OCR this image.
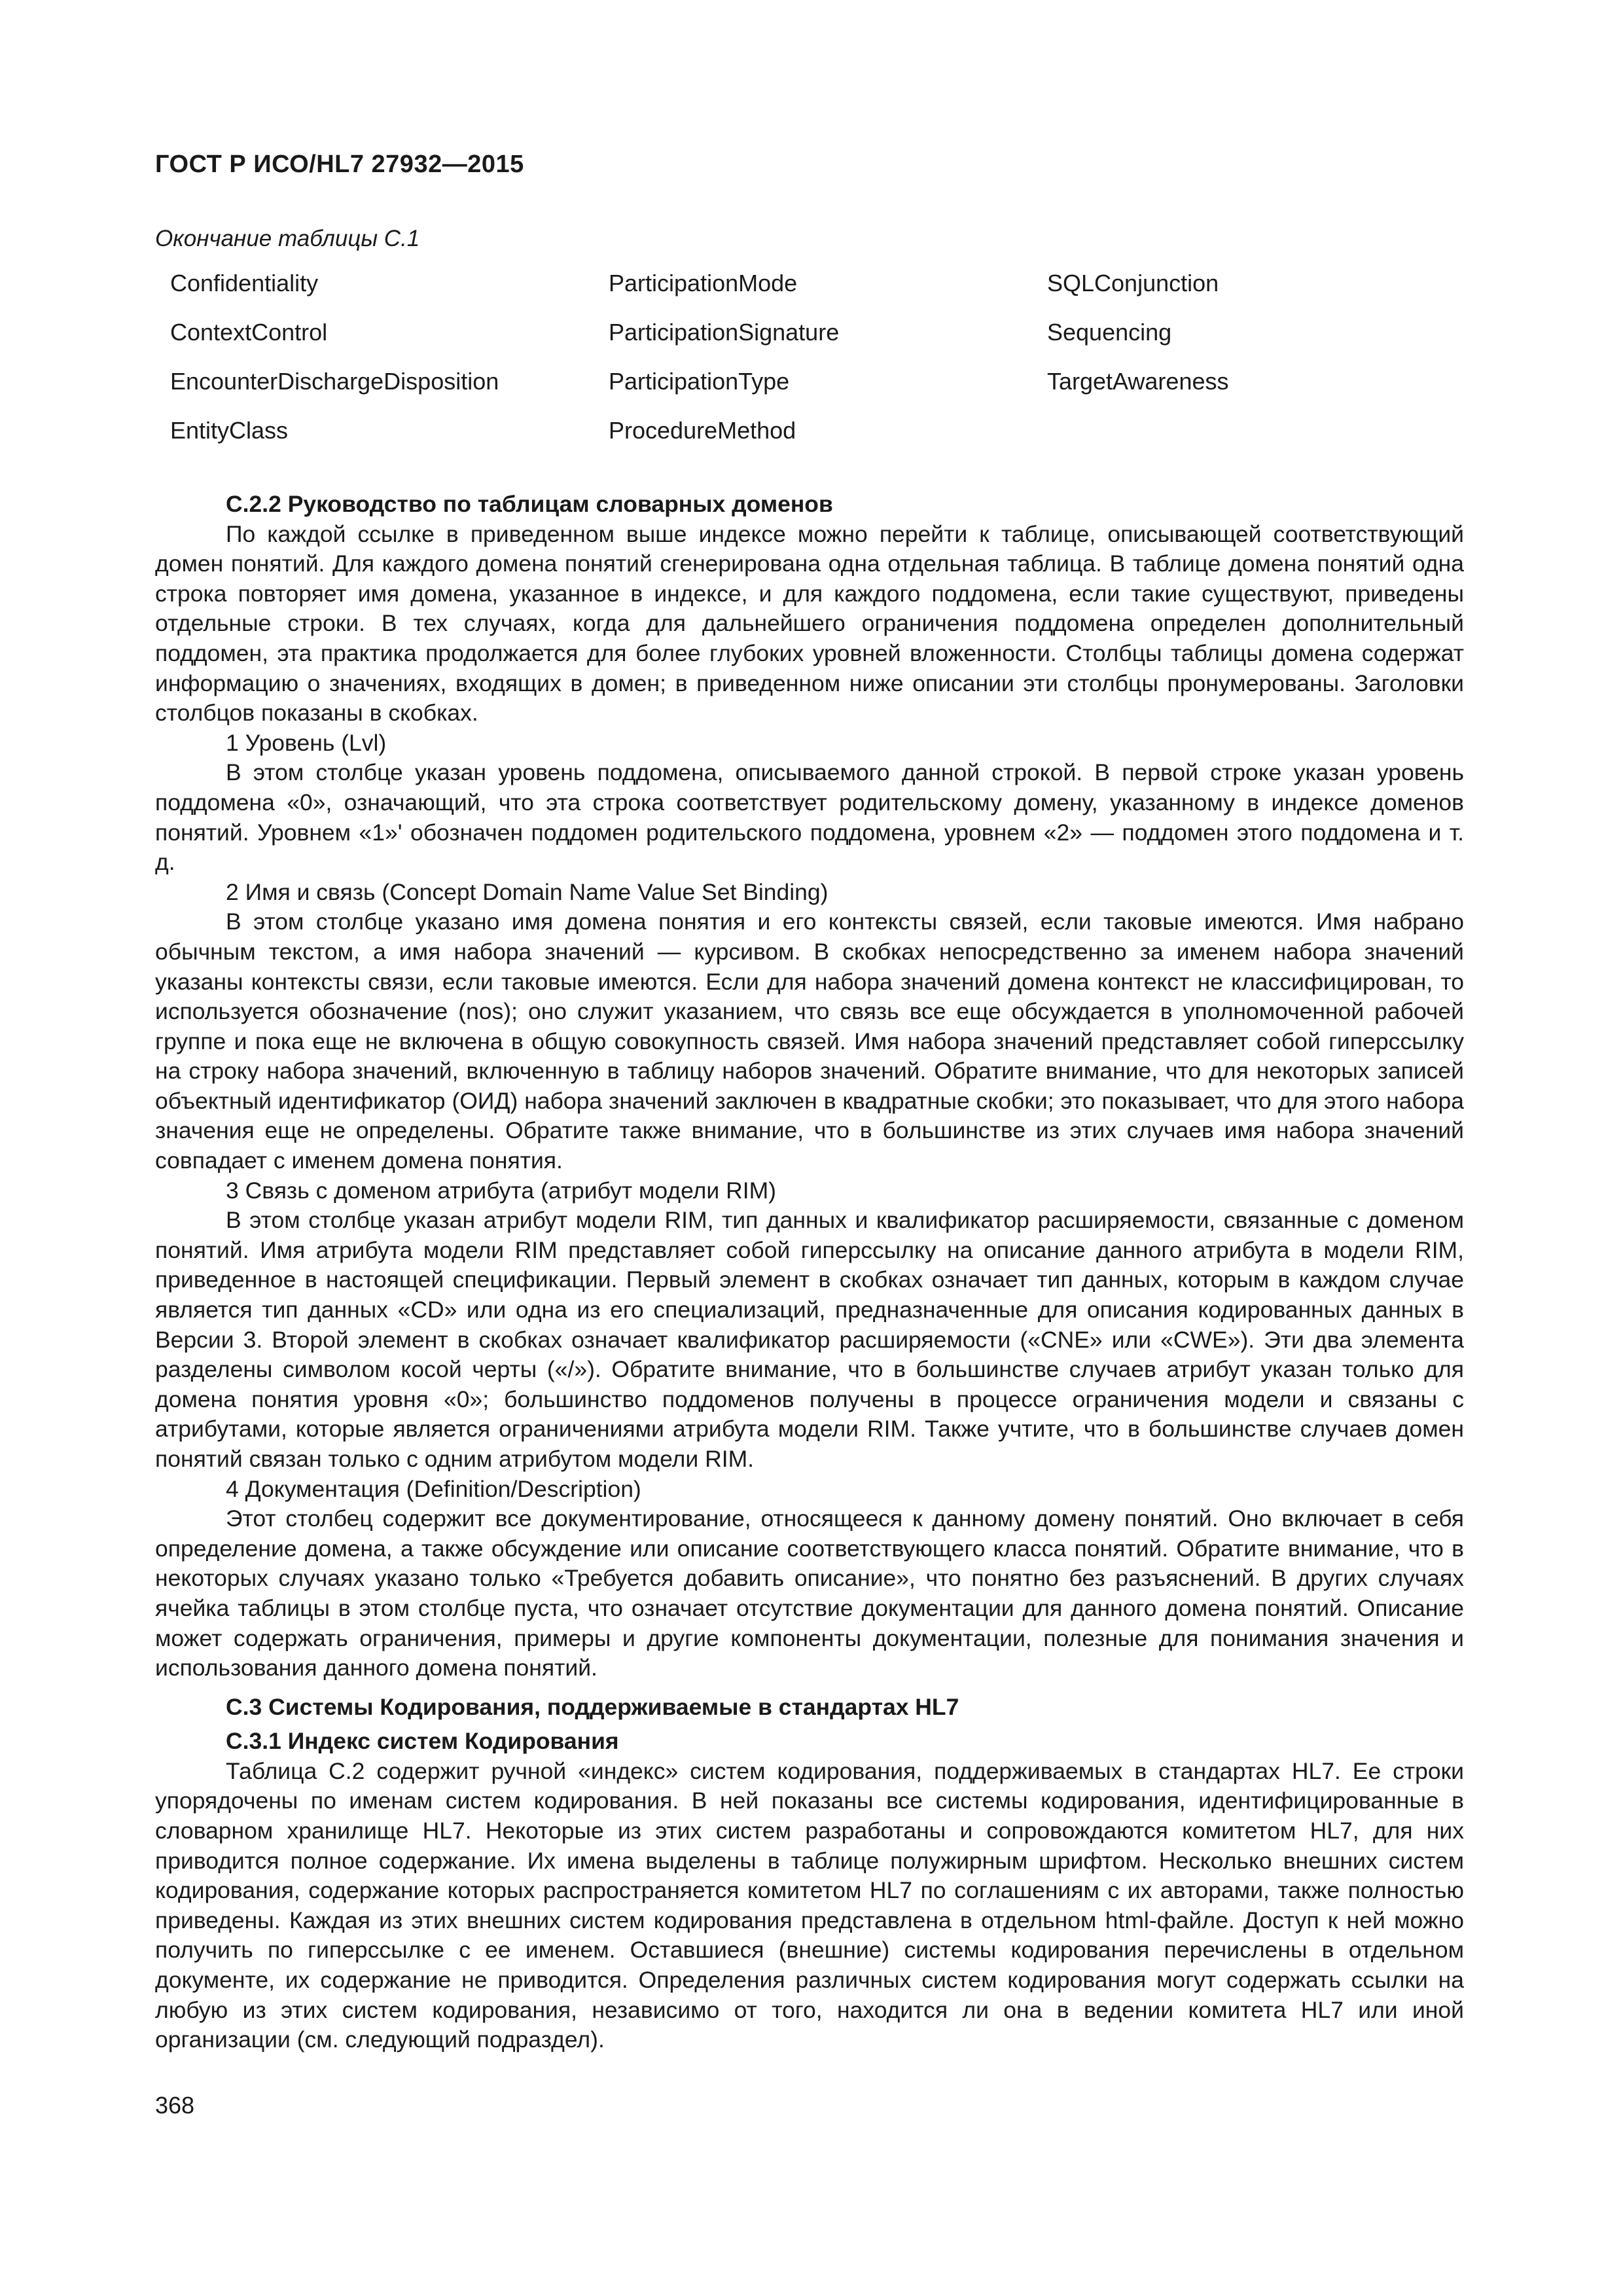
ГОСТ Р ИСО/HL7 27932—2015
Окончание таблицы С.1
Confidentiality	ParticipationMode	SQLConjunction
ContextControl	ParticipationSignature	Sequencing
EncounterDischargeDisposition	ParticipationType	TargetAwareness
EntityClass	ProcedureMethod
С.2.2 Руководство по таблицам словарных доменов

По каждой ссылке в приведенном выше индексе можно перейти к таблице, описывающей соответствующий домен понятий. Для каждого домена понятий сгенерирована одна отдельная таблица. В таблице домена понятий одна строка повторяет имя домена, указанное в индексе, и для каждого поддомена, если такие существуют, приведены отдельные строки. В тех случаях, когда для дальнейшего ограничения поддомена определен дополнительный поддомен, эта практика продолжается для более глубоких уровней вложенности. Столбцы таблицы домена содержат информацию о значениях, входящих в домен; в приведенном ниже описании эти столбцы пронумерованы. Заголовки столбцов показаны в скобках.

1 Уровень (Lvl)

В этом столбце указан уровень поддомена, описываемого данной строкой. В первой строке указан уровень поддомена «0», означающий, что эта строка соответствует родительскому домену, указанному в индексе доменов понятий. Уровнем «1»' обозначен поддомен родительского поддомена, уровнем «2» — поддомен этого поддомена и т. д.

2 Имя и связь (Concept Domain Name Value Set Binding)

В этом столбце указано имя домена понятия и его контексты связей, если таковые имеются. Имя набрано обычным текстом, а имя набора значений — курсивом. В скобках непосредственно за именем набора значений указаны контексты связи, если таковые имеются. Если для набора значений домена контекст не классифицирован, то используется обозначение (nos); оно служит указанием, что связь все еще обсуждается в уполномоченной рабочей группе и пока еще не включена в общую совокупность связей. Имя набора значений представляет собой гиперссылку на строку набора значений, включенную в таблицу наборов значений. Обратите внимание, что для некоторых записей объектный идентификатор (ОИД) набора значений заключен в квадратные скобки; это показывает, что для этого набора значения еще не определены. Обратите также внимание, что в большинстве из этих случаев имя набора значений совпадает с именем домена понятия.

3 Связь с доменом атрибута (атрибут модели RIM)

В этом столбце указан атрибут модели RIM, тип данных и квалификатор расширяемости, связанные с доменом понятий. Имя атрибута модели RIM представляет собой гиперссылку на описание данного атрибута в модели RIM, приведенное в настоящей спецификации. Первый элемент в скобках означает тип данных, которым в каждом случае является тип данных «CD» или одна из его специализаций, предназначенные для описания кодированных данных в Версии 3. Второй элемент в скобках означает квалификатор расширяемости («CNE» или «CWE»). Эти два элемента разделены символом косой черты («/»). Обратите внимание, что в большинстве случаев атрибут указан только для домена понятия уровня «0»; большинство поддоменов получены в процессе ограничения модели и связаны с атрибутами, которые является ограничениями атрибута модели RIM. Также учтите, что в большинстве случаев домен понятий связан только с одним атрибутом модели RIM.

4 Документация (Definition/Description)

Этот столбец содержит все документирование, относящееся к данному домену понятий. Оно включает в себя определение домена, а также обсуждение или описание соответствующего класса понятий. Обратите внимание, что в некоторых случаях указано только «Требуется добавить описание», что понятно без разъяснений. В других случаях ячейка таблицы в этом столбце пуста, что означает отсутствие документации для данного домена понятий. Описание может содержать ограничения, примеры и другие компоненты документации, полезные для понимания значения и использования данного домена понятий.

С.3 Системы Кодирования, поддерживаемые в стандартах HL7
С.3.1 Индекс систем Кодирования

Таблица С.2 содержит ручной «индекс» систем кодирования, поддерживаемых в стандартах HL7. Ее строки упорядочены по именам систем кодирования. В ней показаны все системы кодирования, идентифицированные в словарном хранилище HL7. Некоторые из этих систем разработаны и сопровождаются комитетом HL7, для них приводится полное содержание. Их имена выделены в таблице полужирным шрифтом. Несколько внешних систем кодирования, содержание которых распространяется комитетом HL7 по соглашениям с их авторами, также полностью приведены. Каждая из этих внешних систем кодирования представлена в отдельном html-файле. Доступ к ней можно получить по гиперссылке с ее именем. Оставшиеся (внешние) системы кодирования перечислены в отдельном документе, их содержание не приводится. Определения различных систем кодирования могут содержать ссылки на любую из этих систем кодирования, независимо от того, находится ли она в ведении комитета HL7 или иной организации (см. следующий подраздел).

368
